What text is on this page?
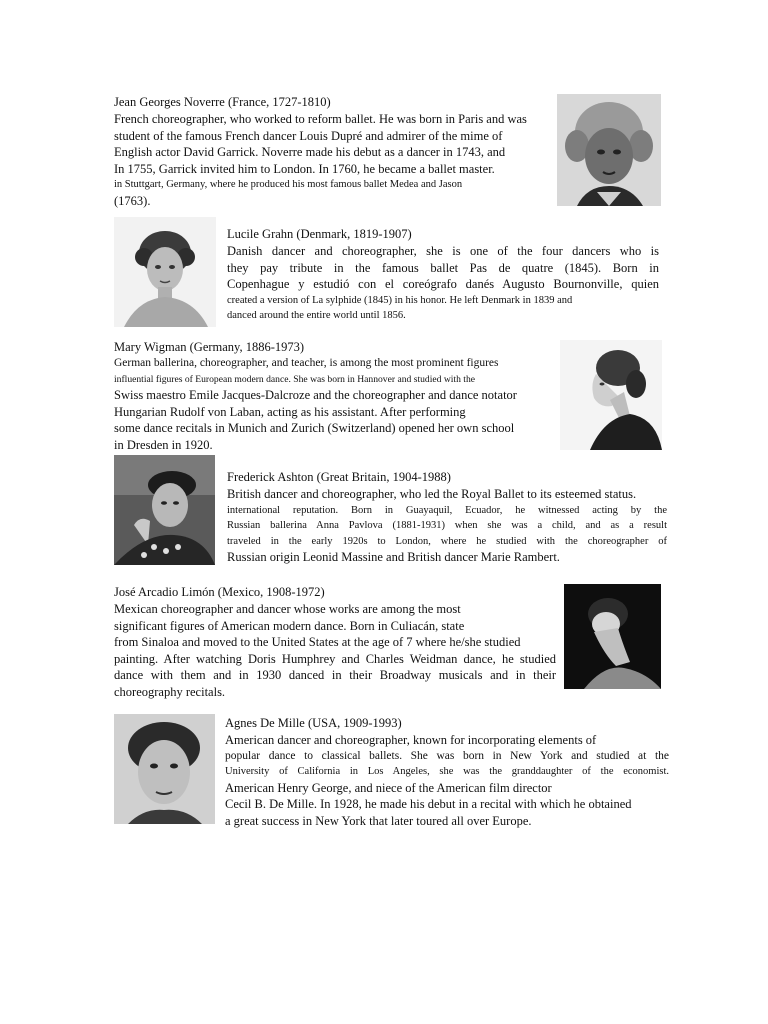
Jean Georges Noverre (France, 1727-1810)

French choreographer, who worked to reform ballet. He was born in Paris and was

student of the famous French dancer Louis Dupré and admirer of the mime of

English actor David Garrick. Noverre made his debut as a dancer in 1743, and

In 1755, Garrick invited him to London. In 1760, he became a ballet master.

in Stuttgart, Germany, where he produced his most famous ballet Medea and Jason

(1763).

Lucile Grahn (Denmark, 1819-1907)

Danish dancer and choreographer, she is one of the four dancers who is

they pay tribute in the famous ballet Pas de quatre (1845). Born in

Copenhague y estudió con el coreógrafo danés Augusto Bournonville, quien

created a version of La sylphide (1845) in his honor. He left Denmark in 1839 and

danced around the entire world until 1856.

Mary Wigman (Germany, 1886-1973)

German ballerina, choreographer, and teacher, is among the most prominent figures

influential figures of European modern dance. She was born in Hannover and studied with the

Swiss maestro Emile Jacques-Dalcroze and the choreographer and dance notator

Hungarian Rudolf von Laban, acting as his assistant. After performing

some dance recitals in Munich and Zurich (Switzerland) opened her own school

in Dresden in 1920.

Frederick Ashton (Great Britain, 1904-1988)

British dancer and choreographer, who led the Royal Ballet to its esteemed status.

international reputation. Born in Guayaquil, Ecuador, he witnessed acting by the

Russian ballerina Anna Pavlova (1881-1931) when she was a child, and as a result

traveled in the early 1920s to London, where he studied with the choreographer of

Russian origin Leonid Massine and British dancer Marie Rambert.

José Arcadio Limón (Mexico, 1908-1972)

Mexican choreographer and dancer whose works are among the most

significant figures of American modern dance. Born in Culiacán, state

from Sinaloa and moved to the United States at the age of 7 where he/she studied

painting. After watching Doris Humphrey and Charles Weidman dance, he studied

dance with them and in 1930 danced in their Broadway musicals and in their

choreography recitals.

Agnes De Mille (USA, 1909-1993)

American dancer and choreographer, known for incorporating elements of

popular dance to classical ballets. She was born in New York and studied at the

University of California in Los Angeles, she was the granddaughter of the economist.

American Henry George, and niece of the American film director

Cecil B. De Mille. In 1928, he made his debut in a recital with which he obtained

a great success in New York that later toured all over Europe.
